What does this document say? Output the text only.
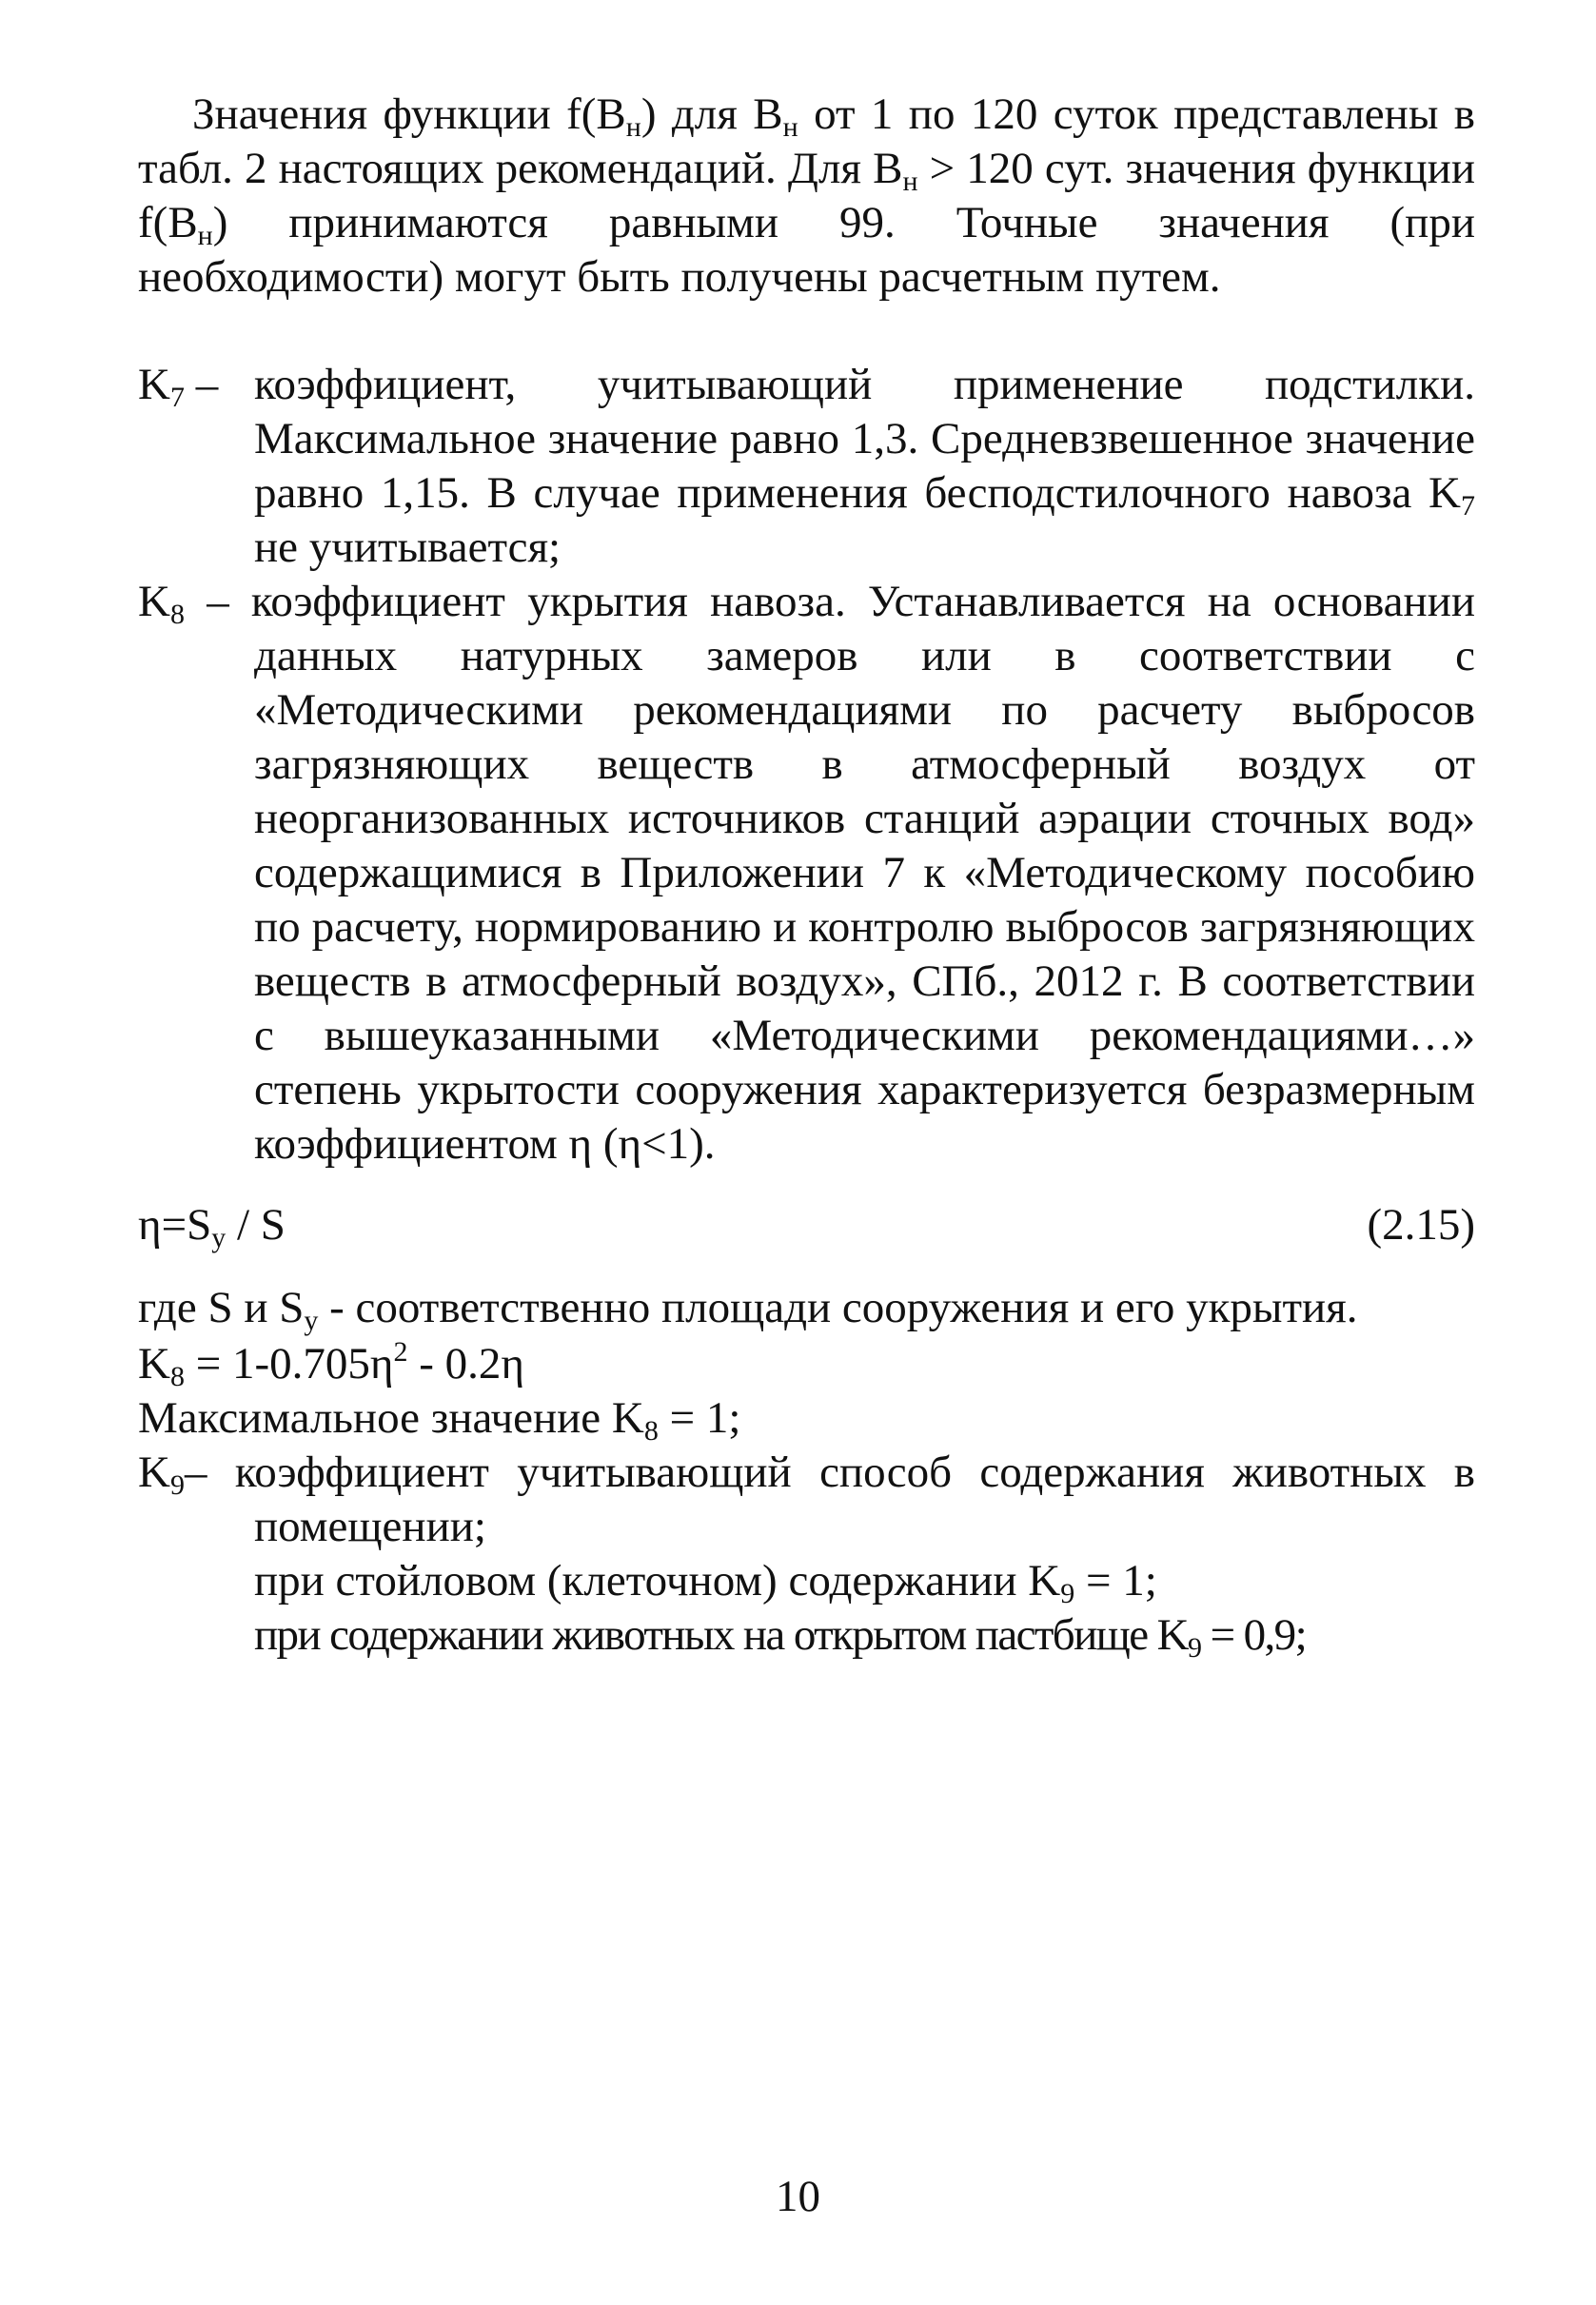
Значения функции $f(B_н)$ для $B_н$ от 1 по 120 суток представлены в табл. 2 настоящих рекомендаций. Для $B_н > 120$ сут. значения функции $f(B_н)$ принимаются равными 99. Точные значения (при необходимости) могут быть получены расчетным путем.
$K_7$ – коэффициент, учитывающий применение подстилки.
Максимальное значение равно 1,3. Средневзвешенное значение равно 1,15. В случае применения бесподстилочного навоза $K_7$ не учитывается;
$K_8$ – коэффициент укрытия навоза. Устанавливается на основании
данных натурных замеров или в соответствии с «Методическими рекомендациями по расчету выбросов загрязняющих веществ в атмосферный воздух от неорганизованных источников станций аэрации сточных вод» содержащимися в Приложении 7 к «Методическому пособию по расчету, нормированию и контролю выбросов загрязняющих веществ в атмосферный воздух», СПб., 2012 г. В соответствии с вышеуказанными «Методическими рекомендациями…» степень укрытости сооружения характеризуется безразмерным коэффициентом η (η<1).
$\eta=S_y / S$	(2.15)
где S и $S_y$ - соответственно площади сооружения и его укрытия.
$K_8 = 1-0.705\eta^2 - 0.2\eta$
Максимальное значение $K_8 = 1$;
$K_9-$ коэффициент учитывающий способ содержания животных в
помещении;
при стойловом (клеточном) содержании $K_9 = 1$;
при содержании животных на открытом пастбище $K_9 = 0,9$;
10
